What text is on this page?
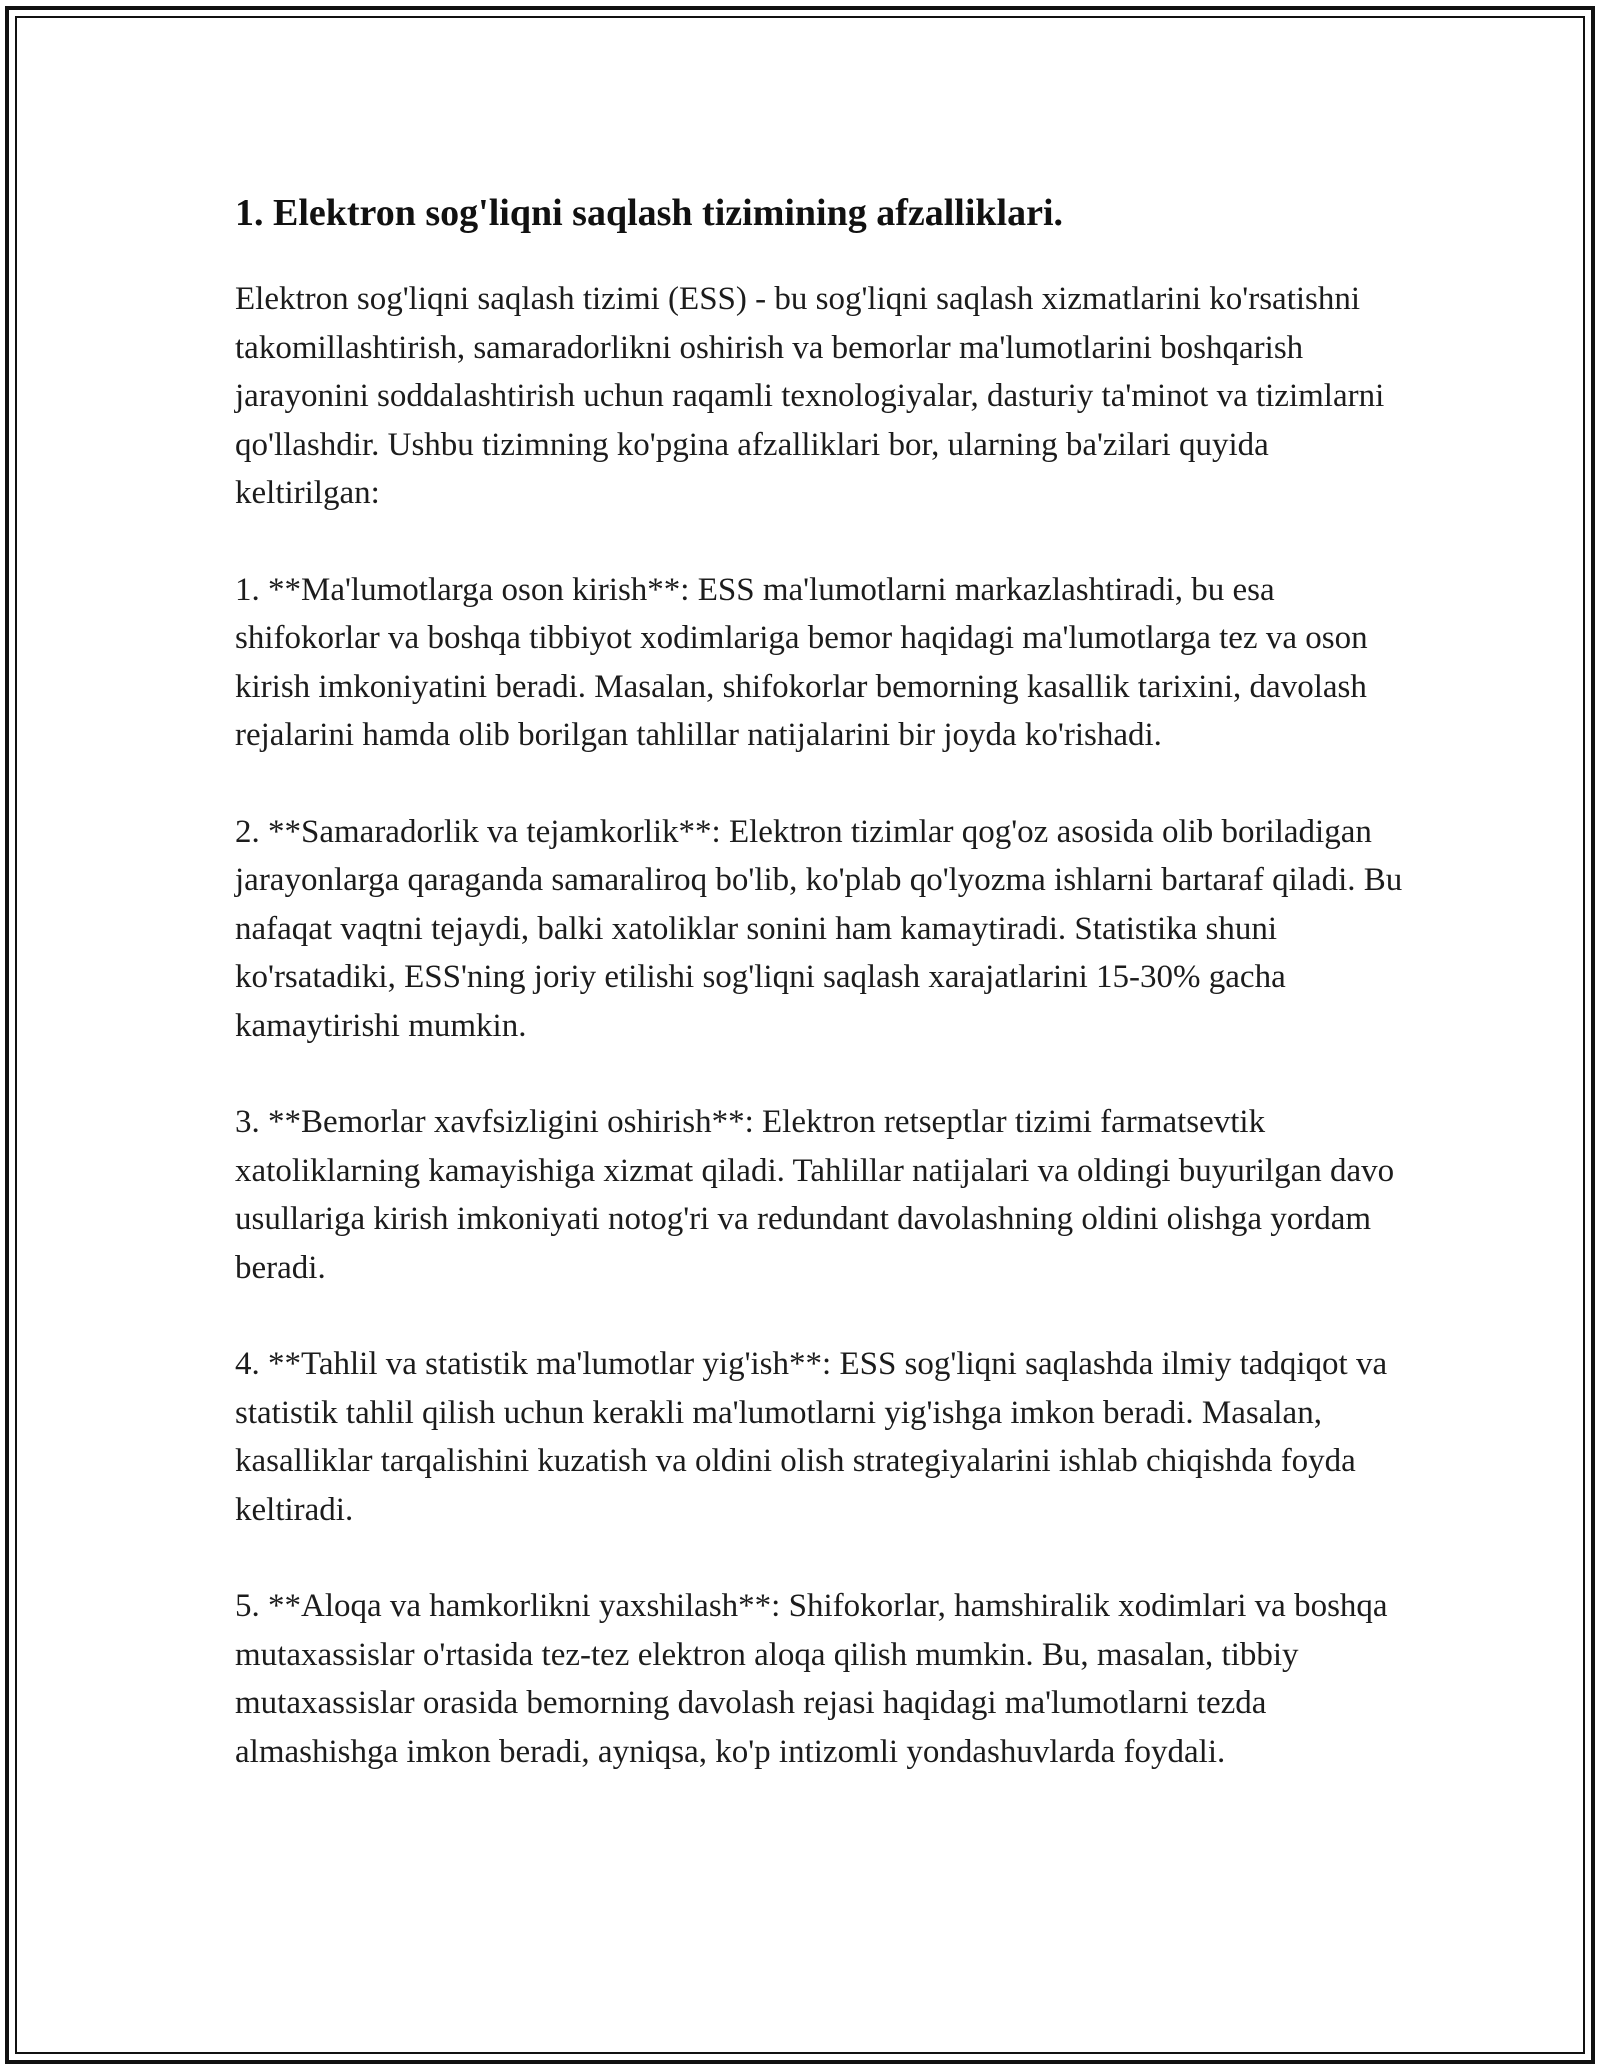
1. Elektron sog'liqni saqlash tizimining afzalliklari.

Elektron sog'liqni saqlash tizimi (ESS) - bu sog'liqni saqlash xizmatlarini ko'rsatishni takomillashtirish, samaradorlikni oshirish va bemorlar ma'lumotlarini boshqarish jarayonini soddalashtirish uchun raqamli texnologiyalar, dasturiy ta'minot va tizimlarni qo'llashdir. Ushbu tizimning ko'pgina afzalliklari bor, ularning ba'zilari quyida keltirilgan:

1. **Ma'lumotlarga oson kirish**: ESS ma'lumotlarni markazlashtiradi, bu esa shifokorlar va boshqa tibbiyot xodimlariga bemor haqidagi ma'lumotlarga tez va oson kirish imkoniyatini beradi. Masalan, shifokorlar bemorning kasallik tarixini, davolash rejalarini hamda olib borilgan tahlillar natijalarini bir joyda ko'rishadi.

2. **Samaradorlik va tejamkorlik**: Elektron tizimlar qog'oz asosida olib boriladigan jarayonlarga qaraganda samaraliroq bo'lib, ko'plab qo'lyozma ishlarni bartaraf qiladi. Bu nafaqat vaqtni tejaydi, balki xatoliklar sonini ham kamaytiradi. Statistika shuni ko'rsatadiki, ESS'ning joriy etilishi sog'liqni saqlash xarajatlarini 15-30% gacha kamaytirishi mumkin.

3. **Bemorlar xavfsizligini oshirish**: Elektron retseptlar tizimi farmatsevtik xatoliklarning kamayishiga xizmat qiladi. Tahlillar natijalari va oldingi buyurilgan davo usullariga kirish imkoniyati notog'ri va redundant davolashning oldini olishga yordam beradi.

4. **Tahlil va statistik ma'lumotlar yig'ish**: ESS sog'liqni saqlashda ilmiy tadqiqot va statistik tahlil qilish uchun kerakli ma'lumotlarni yig'ishga imkon beradi. Masalan, kasalliklar tarqalishini kuzatish va oldini olish strategiyalarini ishlab chiqishda foyda keltiradi.

5. **Aloqa va hamkorlikni yaxshilash**: Shifokorlar, hamshiralik xodimlari va boshqa mutaxassislar o'rtasida tez-tez elektron aloqa qilish mumkin. Bu, masalan, tibbiy mutaxassislar orasida bemorning davolash rejasi haqidagi ma'lumotlarni tezda almashishga imkon beradi, ayniqsa, ko'p intizomli yondashuvlarda foydali.
